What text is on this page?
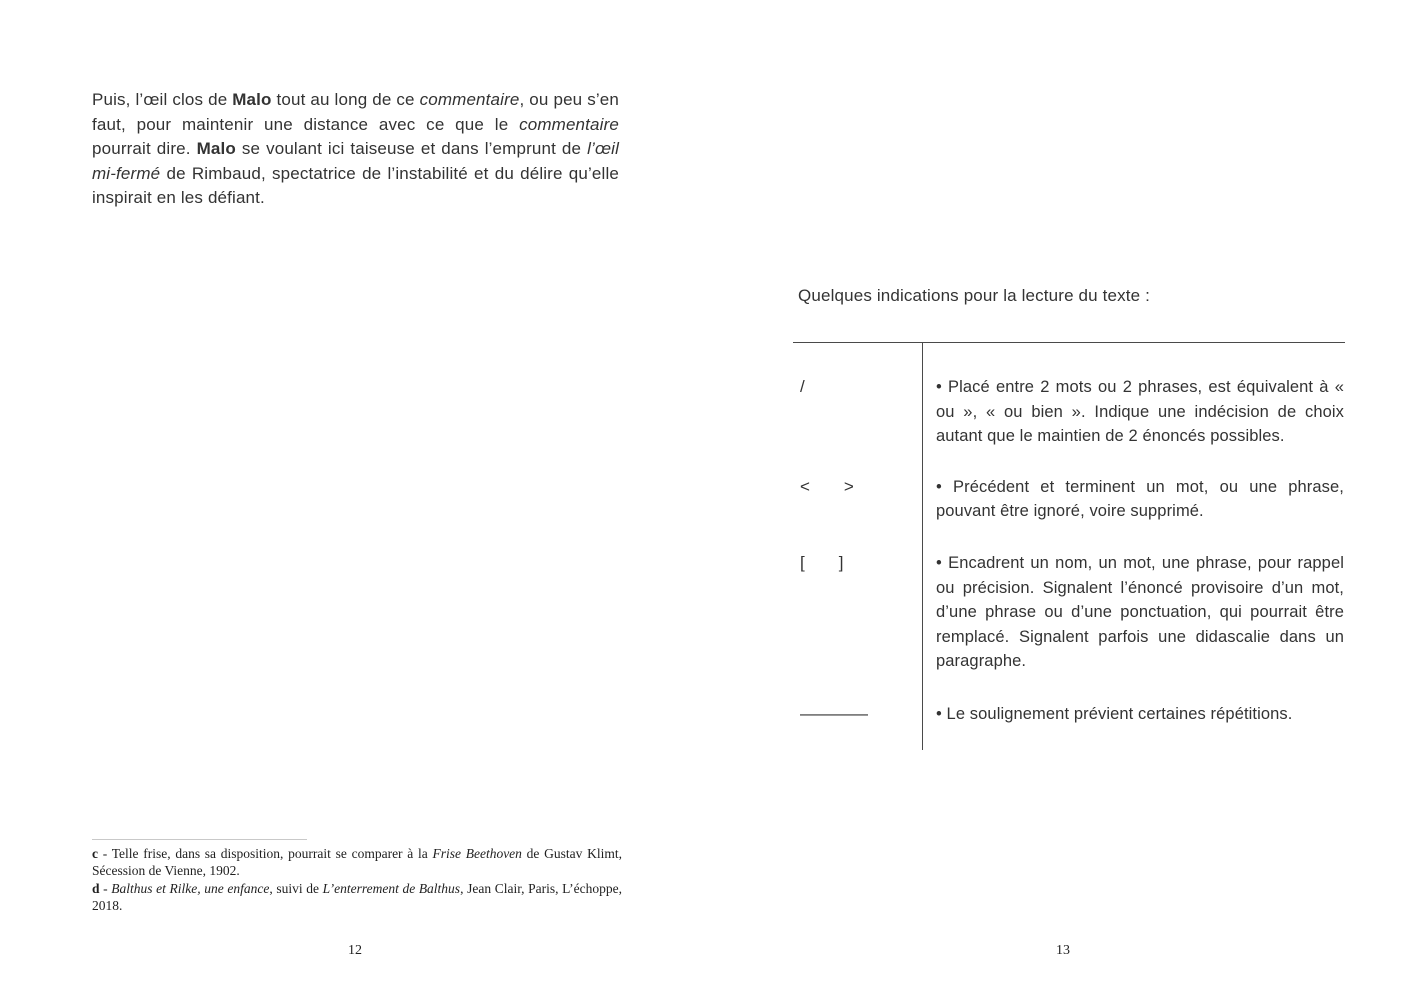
Puis, l’œil clos de Malo tout au long de ce commentaire, ou peu s’en faut, pour maintenir une distance avec ce que le commentaire pourrait dire. Malo se voulant ici taiseuse et dans l’emprunt de l’œil mi-fermé de Rimbaud, spectatrice de l’instabilité et du délire qu’elle inspirait en les défiant.

c - Telle frise, dans sa disposition, pourrait se comparer à la Frise Beethoven de Gustav Klimt, Sécession de Vienne, 1902.

d - Balthus et Rilke, une enfance, suivi de L’enterrement de Balthus, Jean Clair, Paris, L’échoppe, 2018.

12	13
Quelques indications pour la lecture du texte :
/	• Placé entre 2 mots ou 2 phrases, est équivalent à « ou », « ou bien ». Indique une indécision de choix autant que le maintien de 2 énoncés possibles.
<  >	• Précédent et terminent un mot, ou une phrase, pouvant être ignoré, voire supprimé.
[  ]	• Encadrent un nom, un mot, une phrase, pour rappel ou précision. Signalent l’énoncé provisoire d’un mot, d’une phrase ou d’une ponctuation, qui pourrait être remplacé. Signalent parfois une didascalie dans un paragraphe.
————	• Le soulignement prévient certaines répétitions.
